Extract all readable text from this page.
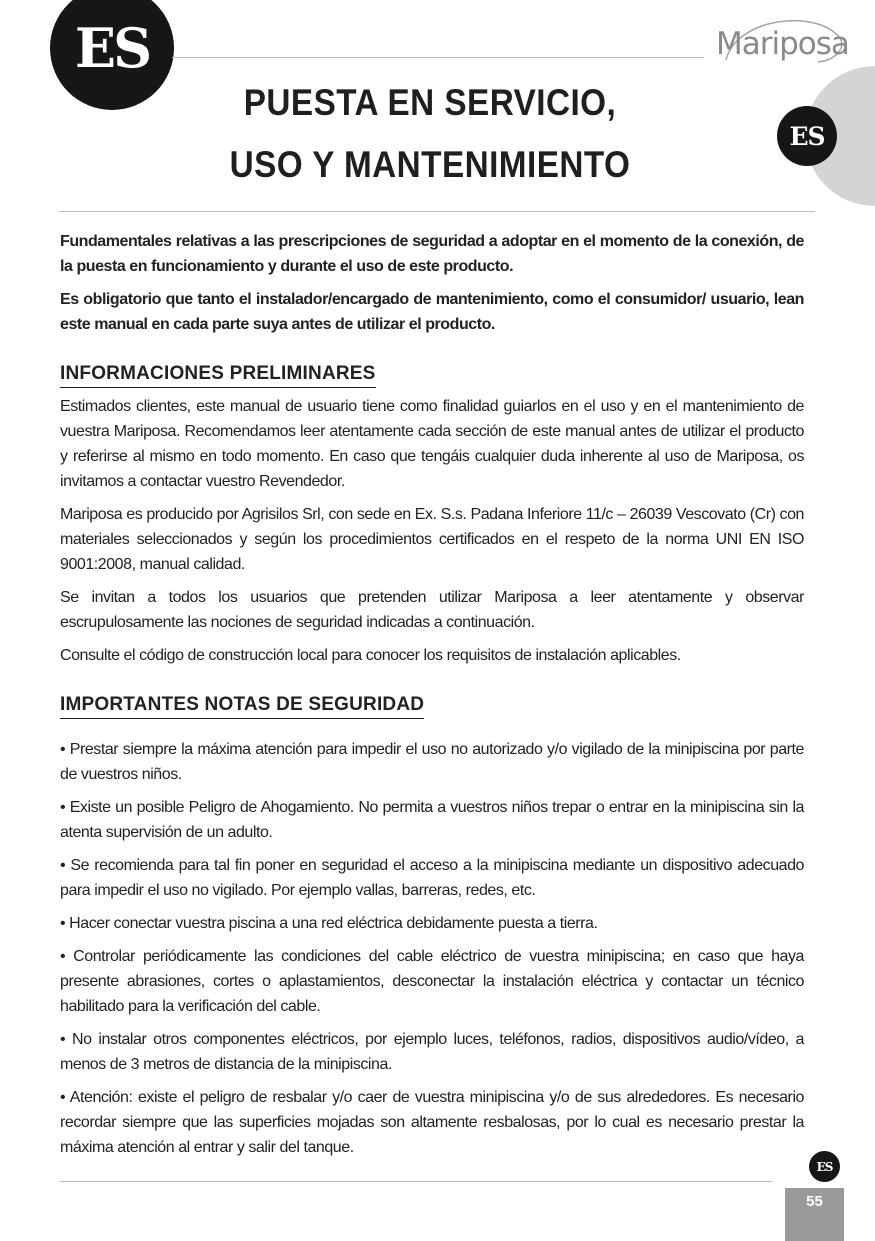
ES	Mariposa
ES
PUESTA EN SERVICIO,
USO Y MANTENIMIENTO

Fundamentales relativas a las prescripciones de seguridad a adoptar en el momento de la conexión, de la puesta en funcionamiento y durante el uso de este producto.

Es obligatorio que tanto el instalador/encargado de mantenimiento, como el consumidor/ usuario, lean este manual en cada parte suya antes de utilizar el producto.

INFORMACIONES PRELIMINARES

Estimados clientes, este manual de usuario tiene como finalidad guiarlos en el uso y en el mantenimiento de vuestra Mariposa. Recomendamos leer atentamente cada sección de este manual antes de utilizar el producto y referirse al mismo en todo momento. En caso que tengáis cualquier duda inherente al uso de Mariposa, os invitamos a contactar vuestro Revendedor.

Mariposa es producido por Agrisilos Srl, con sede en Ex. S.s. Padana Inferiore 11/c – 26039 Vescovato (Cr) con materiales seleccionados y según los procedimientos certificados en el respeto de la norma UNI EN ISO 9001:2008, manual calidad.

Se invitan a todos los usuarios que pretenden utilizar Mariposa a leer atentamente y observar escrupulosamente las nociones de seguridad indicadas a continuación.

Consulte el código de construcción local para conocer los requisitos de instalación aplicables.

IMPORTANTES NOTAS DE SEGURIDAD

• Prestar siempre la máxima atención para impedir el uso no autorizado y/o vigilado de la minipiscina por parte de vuestros niños.

• Existe un posible Peligro de Ahogamiento. No permita a vuestros niños trepar o entrar en la minipiscina sin la atenta supervisión de un adulto.

• Se recomienda para tal fin poner en seguridad el acceso a la minipiscina mediante un dispositivo adecuado para impedir el uso no vigilado. Por ejemplo vallas, barreras, redes, etc.

• Hacer conectar vuestra piscina a una red eléctrica debidamente puesta a tierra.

• Controlar periódicamente las condiciones del cable eléctrico de vuestra minipiscina; en caso que haya presente abrasiones, cortes o aplastamientos, desconectar la instalación eléctrica y contactar un técnico habilitado para la verificación del cable.

• No instalar otros componentes eléctricos, por ejemplo luces, teléfonos, radios, dispositivos audio/vídeo, a menos de 3 metros de distancia de la minipiscina.

• Atención: existe el peligro de resbalar y/o caer de vuestra minipiscina y/o de sus alrededores. Es necesario recordar siempre que las superficies mojadas son altamente resbalosas, por lo cual es necesario prestar la máxima atención al entrar y salir del tanque.

ES
55
